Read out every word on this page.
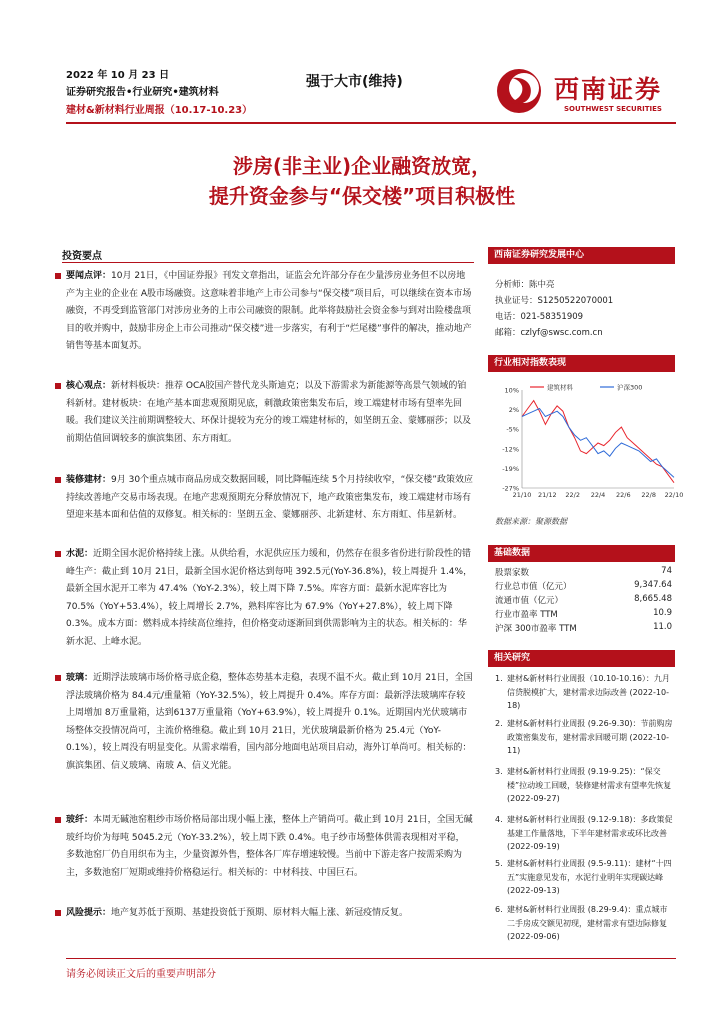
2022 年 10 月 23 日
证券研究报告•行业研究•建筑材料
建材&新材料行业周报（10.17-10.23）
强于大市(维持)	西南证券
SOUTHWEST SECURITIES
涉房(非主业)企业融资放宽，
提升资金参与“保交楼”项目积极性
投资要点
要闻点评：10月 21日，《中国证券报》刊发文章指出，证监会允许部分存在少量涉房业务但不以房地产为主业的企业在 A股市场融资。这意味着非地产上市公司参与“保交楼”项目后，可以继续在资本市场融资，不再受到监管部门对涉房业务的上市公司融资的限制。此举将鼓励社会资金参与到对出险楼盘项目的收并购中，鼓励非房企上市公司推动“保交楼”进一步落实，有利于“烂尾楼”事件的解决，推动地产销售等基本面复苏。
核心观点：新材料板块：推荐 OCA胶国产替代龙头斯迪克；以及下游需求为新能源等高景气领域的铂科新材。建材板块：在地产基本面悲观预期见底，刺激政策密集发布后，竣工端建材市场有望率先回暖。我们建议关注前期调整较大、环保计提较为充分的竣工端建材标的，如坚朗五金、蒙娜丽莎；以及前期估值回调较多的旗滨集团、东方雨虹。
装修建材：9月 30个重点城市商品房成交数据回暖，同比降幅连续 5个月持续收窄，“保交楼”政策效应持续改善地产交易市场表现。在地产悲观预期充分释放情况下，地产政策密集发布，竣工端建材市场有望迎来基本面和估值的双修复。相关标的：坚朗五金、蒙娜丽莎、北新建材、东方雨虹、伟星新材。
水泥：近期全国水泥价格持续上涨。从供给看，水泥供应压力缓和，仍然存在很多省份进行阶段性的错峰生产：截止到 10月 21日，最新全国水泥价格达到每吨 392.5元(YoY-36.8%)，较上周提升 1.4%，最新全国水泥开工率为 47.4%（YoY-2.3%），较上周下降 7.5%。库容方面：最新水泥库容比为 70.5%（YoY+53.4%），较上周增长 2.7%，熟料库容比为 67.9%（YoY+27.8%），较上周下降 0.3%。成本方面：燃料成本持续高位维持，但价格变动逐渐回到供需影响为主的状态。相关标的：华新水泥、上峰水泥。
玻璃：近期浮法玻璃市场价格寻底企稳，整体态势基本走稳，表现不温不火。截止到 10月 21日，全国浮法玻璃价格为 84.4元/重量箱（YoY-32.5%），较上周提升 0.4%。库存方面：最新浮法玻璃库存较上周增加 8万重量箱，达到6137万重量箱（YoY+63.9%），较上周提升 0.1%。近期国内光伏玻璃市场整体交投情况尚可，主流价格维稳。截止到 10月 21日，光伏玻璃最新价格为 25.4元（YoY-0.1%），较上周没有明显变化。从需求端看，国内部分地面电站项目启动，海外订单尚可。相关标的：旗滨集团、信义玻璃、南玻 A、信义光能。
玻纤：本周无碱池窑粗纱市场价格局部出现小幅上涨，整体上产销尚可。截止到 10月 21日，全国无碱玻纤均价为每吨 5045.2元（YoY-33.2%），较上周下跌 0.4%。电子纱市场整体供需表现相对平稳，多数池窑厂仍自用织布为主，少量资源外售，整体各厂库存增速较慢。当前中下游走客户按需采购为主，多数池窑厂短期或维持价格稳运行。相关标的：中材科技、中国巨石。
风险提示：地产复苏低于预期、基建投资低于预期、原材料大幅上涨、新冠疫情反复。
西南证券研究发展中心
分析师：陈中亮
执业证号：S1250522070001
电话：021-58351909
邮箱：czlyf@swsc.com.cn
行业相对指数表现
10%
2%
-5%
-12%
-19%
-27%
21/10 21/12 22/2 22/4 22/6 22/8 22/10
建筑材料	沪深300
数据来源：聚源数据
基础数据
股票家数	74
行业总市值（亿元）	9,347.64
流通市值（亿元）	8,665.48
行业市盈率 TTM	10.9
沪深 300市盈率 TTM	11.0
相关研究
1. 建材&新材料行业周报（10.10-10.16）：九月信贷脱模扩大，建材需求边际改善 (2022-10-18)
2. 建材&新材料行业周报 (9.26-9.30)：节前购房政策密集发布，建材需求回暖可期 (2022-10-11)
3. 建材&新材料行业周报 (9.19-9.25)：“保交楼”拉动竣工回暖，装修建材需求有望率先恢复 (2022-09-27)
4. 建材&新材料行业周报 (9.12-9.18)：多政策促基建工作量落地，下半年建材需求或环比改善 (2022-09-19)
5. 建材&新材料行业周报 (9.5-9.11)：建材“十四五”实施意见发布，水泥行业明年实现碳达峰 (2022-09-13)
6. 建材&新材料行业周报 (8.29-9.4)：重点城市二手房成交额见初现，建材需求有望边际修复 (2022-09-06)
请务必阅读正文后的重要声明部分
